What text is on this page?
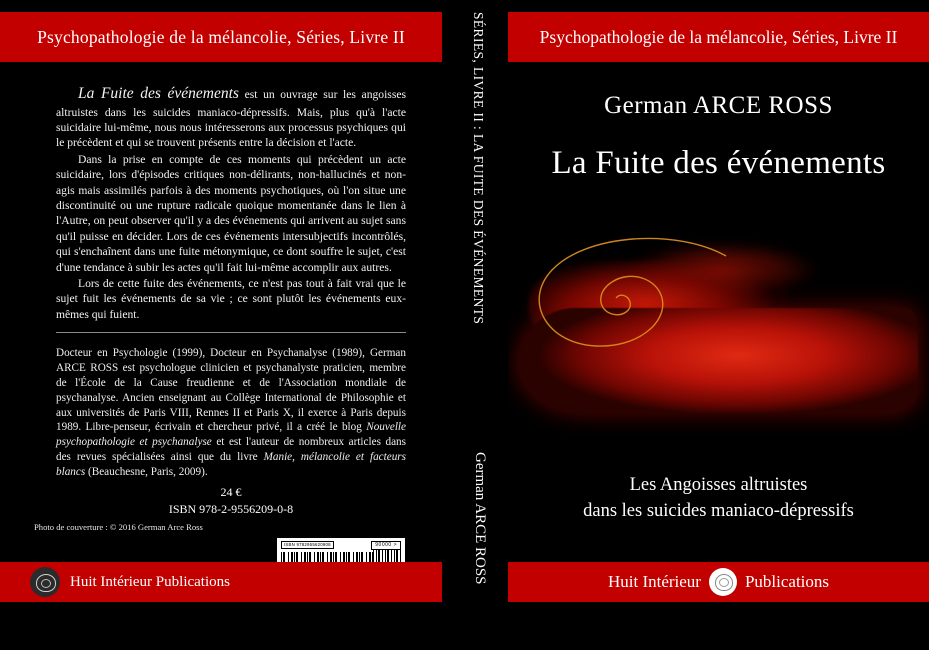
Psychopathologie de la mélancolie, Séries, Livre II

La Fuite des événements est un ouvrage sur les angoisses altruistes dans les suicides maniaco-dépressifs. Mais, plus qu'à l'acte suicidaire lui-même, nous nous intéresserons aux processus psychiques qui le précèdent et qui se trouvent présents entre la décision et l'acte.

Dans la prise en compte de ces moments qui précèdent un acte suicidaire, lors d'épisodes critiques non-délirants, non-hallucinés et non-agis mais assimilés parfois à des moments psychotiques, où l'on situe une discontinuité ou une rupture radicale quoique momentanée dans le lien à l'Autre, on peut observer qu'il y a des événements qui arrivent au sujet sans qu'il puisse en décider. Lors de ces événements intersubjectifs incontrôlés, qui s'enchaînent dans une fuite métonymique, ce dont souffre le sujet, c'est d'une tendance à subir les actes qu'il fait lui-même accomplir aux autres.

Lors de cette fuite des événements, ce n'est pas tout à fait vrai que le sujet fuit les événements de sa vie ; ce sont plutôt les événements eux-mêmes qui fuient.

Docteur en Psychologie (1999), Docteur en Psychanalyse (1989), German ARCE ROSS est psychologue clinicien et psychanalyste praticien, membre de l'École de la Cause freudienne et de l'Association mondiale de psychanalyse. Ancien enseignant au Collège International de Philosophie et aux universités de Paris VIII, Rennes II et Paris X, il exerce à Paris depuis 1989. Libre-penseur, écrivain et chercheur privé, il a créé le blog Nouvelle psychopathologie et psychanalyse et est l'auteur de nombreux articles dans des revues spécialisées ainsi que du livre Manie, mélancolie et facteurs blancs (Beauchesne, Paris, 2009).
24 €
ISBN 978-2-9556209-0-8
Photo de couverture : © 2016 German Arce Ross
ISBN 9782955620908	90000 >
Huit Intérieur Publications
SÉRIES, LIVRE II : LA FUITE DES ÉVÉNEMENTS
German ARCE ROSS
Psychopathologie de la mélancolie, Séries, Livre II
German ARCE ROSS
La Fuite des événements
Les Angoisses altruistes
dans les suicides maniaco-dépressifs
Huit Intérieur	Publications
